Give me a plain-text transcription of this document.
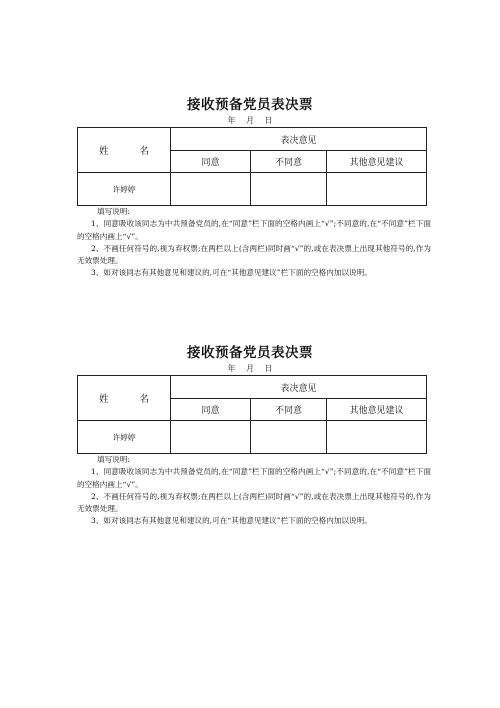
接收预备党员表决票
年 月 日
姓 名	表决意见		
	同意	不同意	其他意见建议
许婷婷			

填写说明:

1、同意吸收该同志为中共预备党员的,在“同意”栏下面的空格内画上“√”;不同意的,在“不同意”栏下面的空格内画上“√”。

2、不画任何符号的,视为弃权票;在两栏以上(含两栏)同时画“√”的,或在表决票上出现其他符号的,作为无效票处理。

3、如对该同志有其他意见和建议的,可在“其他意见建议”栏下面的空格内加以说明。

接收预备党员表决票
年 月 日
姓 名	表决意见		
	同意	不同意	其他意见建议
许婷婷			

填写说明:

1、同意吸收该同志为中共预备党员的,在“同意”栏下面的空格内画上“√”;不同意的,在“不同意”栏下面的空格内画上“√”。

2、不画任何符号的,视为弃权票;在两栏以上(含两栏)同时画“√”的,或在表决票上出现其他符号的,作为无效票处理。

3、如对该同志有其他意见和建议的,可在“其他意见建议”栏下面的空格内加以说明。
